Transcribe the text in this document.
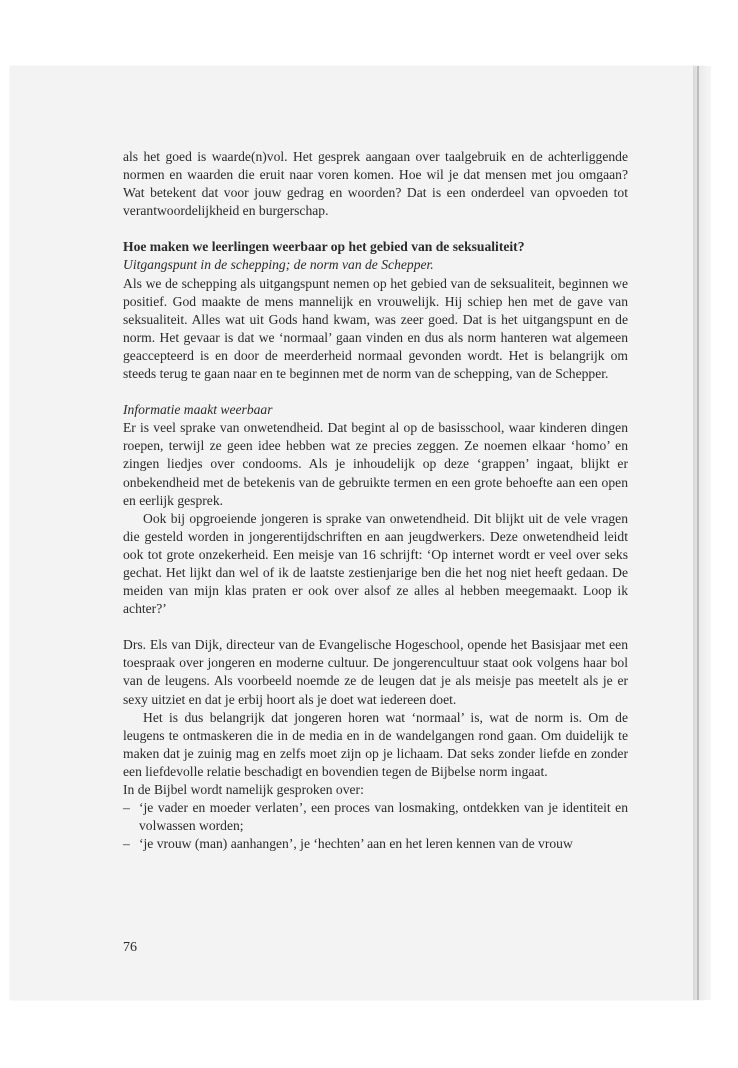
als het goed is waarde(n)vol. Het gesprek aangaan over taalgebruik en de achterliggende normen en waarden die eruit naar voren komen. Hoe wil je dat mensen met jou omgaan? Wat betekent dat voor jouw gedrag en woorden? Dat is een onderdeel van opvoeden tot verantwoordelijkheid en burgerschap.

Hoe maken we leerlingen weerbaar op het gebied van de seksualiteit?

Uitgangspunt in de schepping; de norm van de Schepper.

Als we de schepping als uitgangspunt nemen op het gebied van de seksualiteit, beginnen we positief. God maakte de mens mannelijk en vrouwelijk. Hij schiep hen met de gave van seksualiteit. Alles wat uit Gods hand kwam, was zeer goed. Dat is het uitgangspunt en de norm. Het gevaar is dat we ‘normaal’ gaan vinden en dus als norm hanteren wat algemeen geaccepteerd is en door de meerderheid normaal gevonden wordt. Het is belangrijk om steeds terug te gaan naar en te beginnen met de norm van de schepping, van de Schepper.

Informatie maakt weerbaar

Er is veel sprake van onwetendheid. Dat begint al op de basisschool, waar kinderen dingen roepen, terwijl ze geen idee hebben wat ze precies zeggen. Ze noemen elkaar ‘homo’ en zingen liedjes over condooms. Als je inhoudelijk op deze ‘grappen’ ingaat, blijkt er onbekendheid met de betekenis van de gebruikte termen en een grote behoefte aan een open en eerlijk gesprek.

Ook bij opgroeiende jongeren is sprake van onwetendheid. Dit blijkt uit de vele vragen die gesteld worden in jongerentijdschriften en aan jeugdwerkers. Deze onwetendheid leidt ook tot grote onzekerheid. Een meisje van 16 schrijft: ‘Op internet wordt er veel over seks gechat. Het lijkt dan wel of ik de laatste zestienjarige ben die het nog niet heeft gedaan. De meiden van mijn klas praten er ook over alsof ze alles al hebben meegemaakt. Loop ik achter?’

Drs. Els van Dijk, directeur van de Evangelische Hogeschool, opende het Basisjaar met een toespraak over jongeren en moderne cultuur. De jongerencultuur staat ook volgens haar bol van de leugens. Als voorbeeld noemde ze de leugen dat je als meisje pas meetelt als je er sexy uitziet en dat je erbij hoort als je doet wat iedereen doet.

Het is dus belangrijk dat jongeren horen wat ‘normaal’ is, wat de norm is. Om de leugens te ontmaskeren die in de media en in de wandelgangen rond gaan. Om duidelijk te maken dat je zuinig mag en zelfs moet zijn op je lichaam. Dat seks zonder liefde en zonder een liefdevolle relatie beschadigt en bovendien tegen de Bijbelse norm ingaat.

In de Bijbel wordt namelijk gesproken over:

– ‘je vader en moeder verlaten’, een proces van losmaking, ontdekken van je identiteit en volwassen worden;
– ‘je vrouw (man) aanhangen’, je ‘hechten’ aan en het leren kennen van de vrouw
76
